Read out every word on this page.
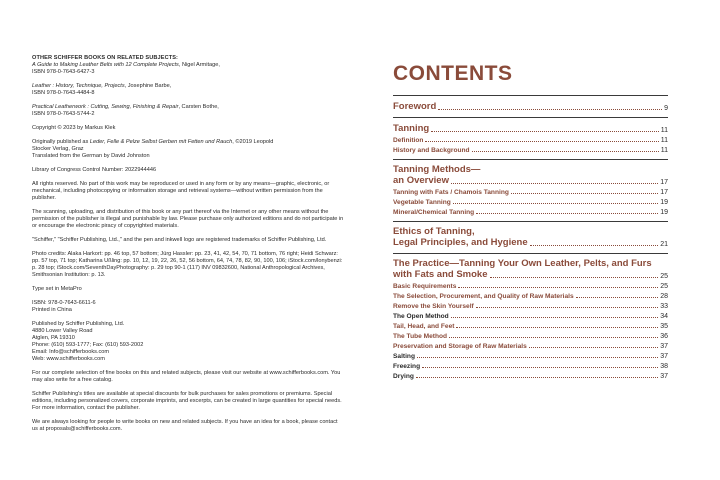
OTHER SCHIFFER BOOKS ON RELATED SUBJECTS:
A Guide to Making Leather Belts with 12 Complete Projects, Nigel Armitage,
ISBN 978-0-7643-6427-3

Leather : History, Technique, Projects, Josephine Barbe,
ISBN 978-0-7643-4484-8

Practical Leatherwork : Cutting, Sewing, Finishing & Repair, Carsten Bothe,
ISBN 978-0-7643-5744-2

Copyright © 2023 by Markus Klek

Originally published as Leder, Felle & Pelze Selbst Gerben mit Fetten und Rauch, ©2019 Leopold
Stocker Verlag, Graz
Translated from the German by David Johnston

Library of Congress Control Number: 2022944446

All rights reserved. No part of this work may be reproduced or used in any form or by any means—graphic, electronic, or mechanical, including photocopying or information storage and retrieval systems—without written permission from the publisher.

The scanning, uploading, and distribution of this book or any part thereof via the Internet or any other means without the permission of the publisher is illegal and punishable by law. Please purchase only authorized editions and do not participate in or encourage the electronic piracy of copyrighted materials.

"Schiffer," "Schiffer Publishing, Ltd.," and the pen and inkwell logo are registered trademarks of Schiffer Publishing, Ltd.

Photo credits: Alaka Harkort: pp. 46 top, 57 bottom; Jürg Hassler: pp. 23, 41, 42, 54, 70, 71 bottom, 76 right; Heidi Schwarz: pp. 57 top, 71 top; Katharina Ußling: pp. 10, 12, 19, 22, 26, 52, 56 bottom, 64, 74, 78, 82, 90, 100, 106; iStock.com/lonybenzi: p. 28 top; iStock.com/SeventhDayPhotography: p. 29 top 90-1 (117) INV 09832600, National Anthropological Archives, Smithsonian Institution: p. 13.

Type set in MetaPro

ISBN: 978-0-7643-6611-6
Printed in China

Published by Schiffer Publishing, Ltd.
4880 Lower Valley Road
Atglen, PA 19310
Phone: (610) 593-1777; Fax: (610) 593-2002
Email: Info@schifferbooks.com
Web: www.schifferbooks.com

For our complete selection of fine books on this and related subjects, please visit our website at www.schifferbooks.com. You may also write for a free catalog.

Schiffer Publishing's titles are available at special discounts for bulk purchases for sales promotions or premiums. Special editions, including personalized covers, corporate imprints, and excerpts, can be created in large quantities for special needs. For more information, contact the publisher.

We are always looking for people to write books on new and related subjects. If you have an idea for a book, please contact us at proposals@schifferbooks.com.

CONTENTS
Foreword	9
Tanning	11
Definition	11
History and Background	11
Tanning Methods—
an Overview	17
Tanning with Fats / Chamois Tanning	17
Vegetable Tanning	19
Mineral/Chemical Tanning	19
Ethics of Tanning,
Legal Principles, and Hygiene	21
The Practice—Tanning Your Own Leather, Pelts, and Furs
with Fats and Smoke	25
Basic Requirements	25
The Selection, Procurement, and Quality of Raw Materials	28
Remove the Skin Yourself	33
The Open Method	34
Tail, Head, and Feet	35
The Tube Method	36
Preservation and Storage of Raw Materials	37
Salting	37
Freezing	38
Drying	37
